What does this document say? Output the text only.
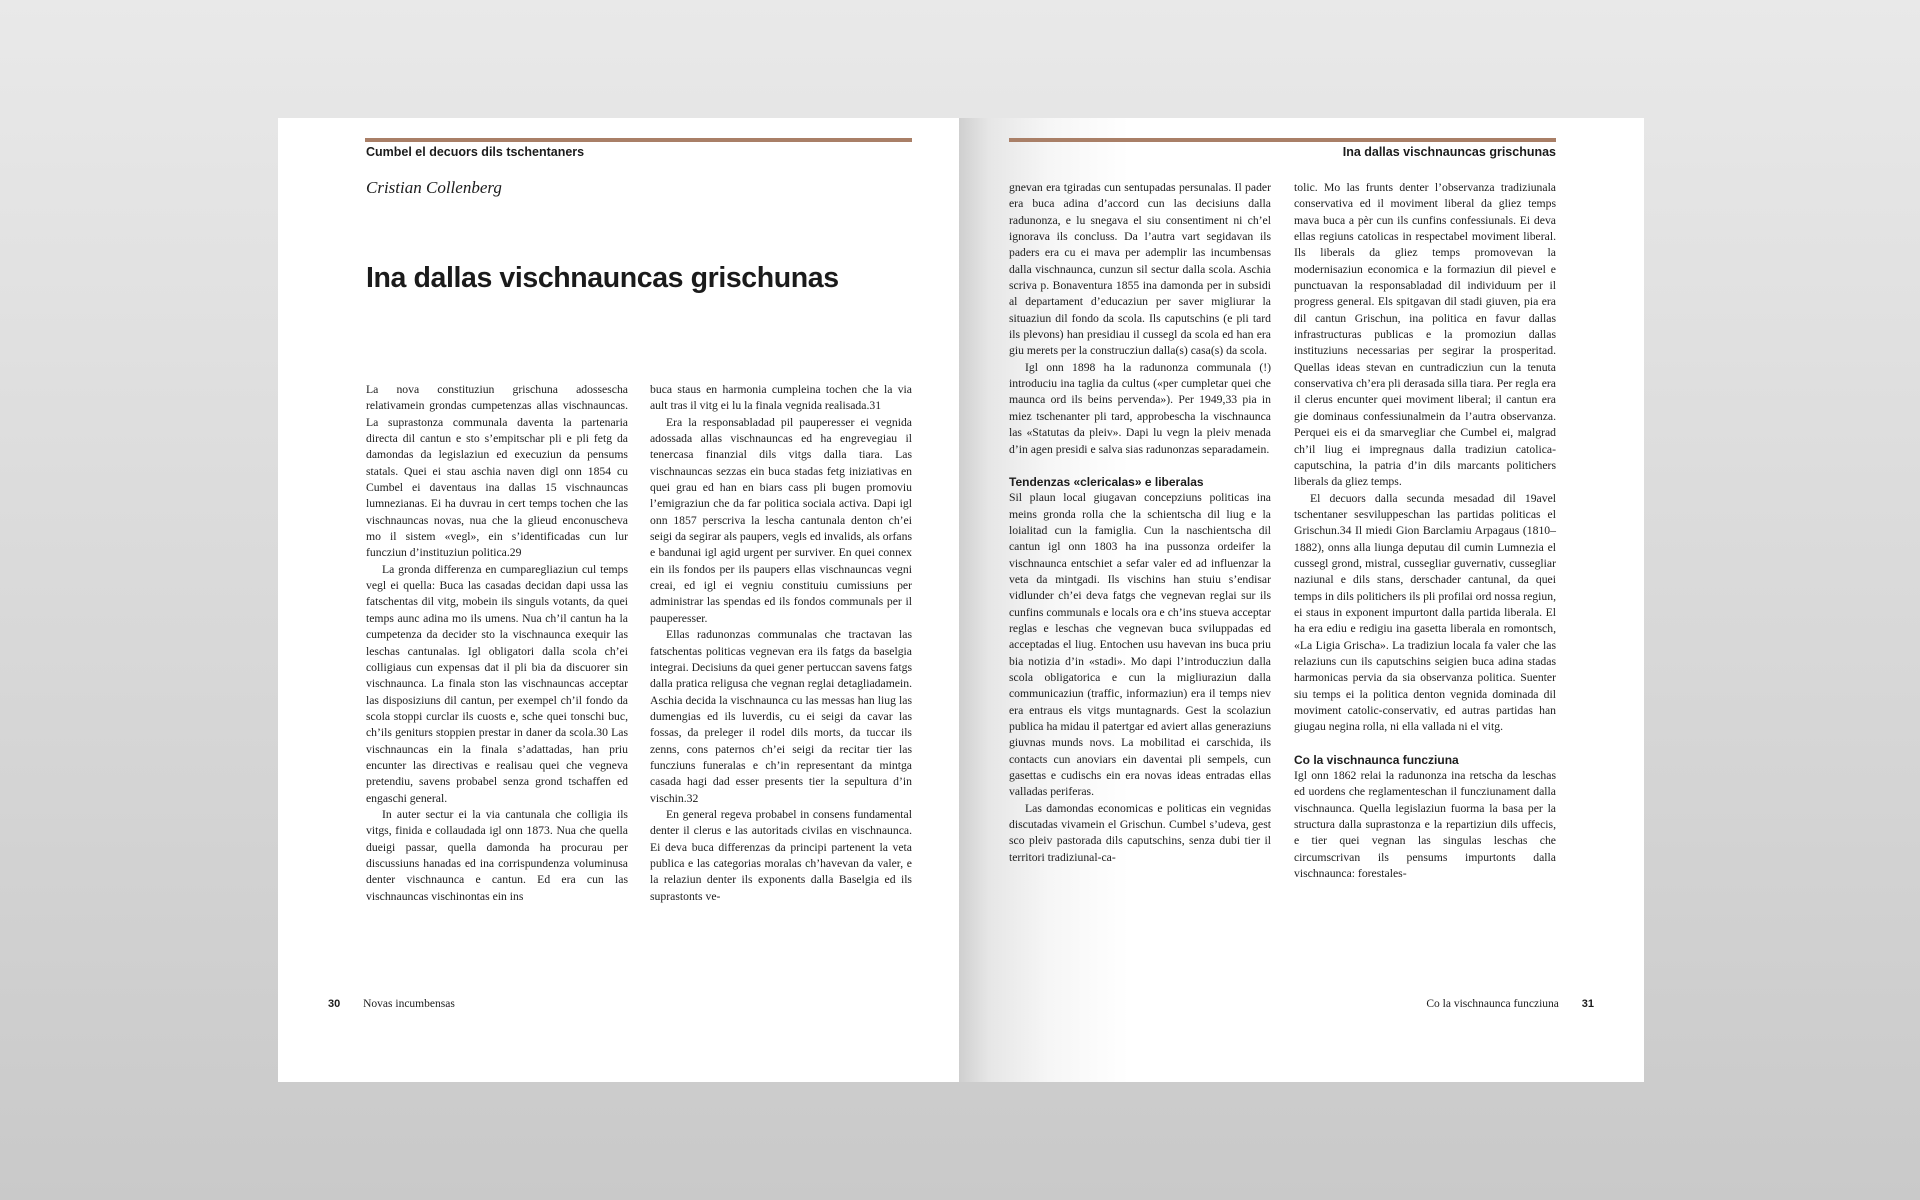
Cumbel el decuors dils tschentaners
Cristian Collenberg
Ina dallas vischnauncas grischunas

La nova constituziun grischuna adossescha relativamein grondas cumpetenzas allas vischnauncas. La suprastonza communala daventa la partenaria directa dil cantun e sto s’empitschar pli e pli fetg da damondas da legislaziun ed execuziun da pensums statals. Quei ei stau aschia naven digl onn 1854 cu Cumbel ei daventaus ina dallas 15 vischnauncas lumnezianas. Ei ha duvrau in cert temps tochen che las vischnauncas novas, nua che la glieud enconuscheva mo il sistem «vegl», ein s’identificadas cun lur funcziun d’instituziun politica.29

La gronda differenza en cumparegliaziun cul temps vegl ei quella: Buca las casadas decidan dapi ussa las fatschentas dil vitg, mobein ils singuls votants, da quei temps aunc adina mo ils umens. Nua ch’il cantun ha la cumpetenza da decider sto la vischnaunca exequir las leschas cantunalas. Igl obligatori dalla scola ch’ei colligiaus cun expensas dat il pli bia da discuorer sin vischnaunca. La finala ston las vischnauncas acceptar las disposiziuns dil cantun, per exempel ch’il fondo da scola stoppi curclar ils cuosts e, sche quei tonschi buc, ch’ils geniturs stoppien prestar in daner da scola.30 Las vischnauncas ein la finala s’adattadas, han priu encunter las directivas e realisau quei che vegneva pretendiu, savens probabel senza grond tschaffen ed engaschi general.

In auter sectur ei la via cantunala che colligia ils vitgs, finida e collaudada igl onn 1873. Nua che quella dueigi passar, quella damonda ha procurau per discussiuns hanadas ed ina corrispundenza voluminusa denter vischnaunca e cantun. Ed era cun las vischnauncas vischinontas ein ins

buca staus en harmonia cumpleina tochen che la via ault tras il vitg ei lu la finala vegnida realisada.31

Era la responsabladad pil pauperesser ei vegnida adossada allas vischnauncas ed ha engrevegiau il tenercasa finanzial dils vitgs dalla tiara. Las vischnauncas sezzas ein buca stadas fetg iniziativas en quei grau ed han en biars cass pli bugen promoviu l’emigraziun che da far politica sociala activa. Dapi igl onn 1857 perscriva la lescha cantunala denton ch’ei seigi da segirar als paupers, vegls ed invalids, als orfans e bandunai igl agid urgent per surviver. En quei connex ein ils fondos per ils paupers ellas vischnauncas vegni creai, ed igl ei vegniu constituiu cumissiuns per administrar las spendas ed ils fondos communals per il pauperesser.

Ellas radunonzas communalas che tractavan las fatschentas politicas vegnevan era ils fatgs da baselgia integrai. Decisiuns da quei gener pertuccan savens fatgs dalla pratica religusa che vegnan reglai detagliadamein. Aschia decida la vischnaunca cu las messas han liug las dumengias ed ils luverdis, cu ei seigi da cavar las fossas, da preleger il rodel dils morts, da tuccar ils zenns, cons paternos ch’ei seigi da recitar tier las funcziuns funeralas e ch’in representant da mintga casada hagi dad esser presents tier la sepultura d’in vischin.32

En general regeva probabel in consens fundamental denter il clerus e las autoritads civilas en vischnaunca. Ei deva buca differenzas da principi partenent la veta publica e las categorias moralas ch’havevan da valer, e la relaziun denter ils exponents dalla Baselgia ed ils suprastonts ve-

30 Novas incumbensas
Ina dallas vischnauncas grischunas

gnevan era tgiradas cun sentupadas persunalas. Il pader era buca adina d’accord cun las decisiuns dalla radunonza, e lu snegava el siu consentiment ni ch’el ignorava ils concluss. Da l’autra vart segidavan ils paders era cu ei mava per ademplir las incumbensas dalla vischnaunca, cunzun sil sectur dalla scola. Aschia scriva p. Bonaventura 1855 ina damonda per in subsidi al departament d’educaziun per saver migliurar la situaziun dil fondo da scola. Ils caputschins (e pli tard ils plevons) han presidiau il cussegl da scola ed han era giu merets per la construcziun dalla(s) casa(s) da scola.

Igl onn 1898 ha la radunonza communala (!) introduciu ina taglia da cultus («per cumpletar quei che maunca ord ils beins pervenda»). Per 1949,33 pia in miez tschenanter pli tard, approbescha la vischnaunca las «Statutas da pleiv». Dapi lu vegn la pleiv menada d’in agen presidi e salva sias radunonzas separadamein.

Tendenzas «clericalas» e liberalas

Sil plaun local giugavan concepziuns politicas ina meins gronda rolla che la schientscha dil liug e la loialitad cun la famiglia. Cun la naschientscha dil cantun igl onn 1803 ha ina pussonza ordeifer la vischnaunca entschiet a sefar valer ed ad influenzar la veta da mintgadi. Ils vischins han stuiu s’endisar vidlunder ch’ei deva fatgs che vegnevan reglai sur ils cunfins communals e locals ora e ch’ins stueva acceptar reglas e leschas che vegnevan buca sviluppadas ed acceptadas el liug. Entochen usu havevan ins buca priu bia notizia d’in «stadi». Mo dapi l’introducziun dalla scola obligatorica e cun la migliuraziun dalla communicaziun (traffic, informaziun) era il temps niev era entraus els vitgs muntagnards. Gest la scolaziun publica ha midau il patertgar ed aviert allas generaziuns giuvnas munds novs. La mobilitad ei carschida, ils contacts cun anoviars ein daventai pli sempels, cun gasettas e cudischs ein era novas ideas entradas ellas valladas periferas.

Las damondas economicas e politicas ein vegnidas discutadas vivamein el Grischun. Cumbel s’udeva, gest sco pleiv pastorada dils caputschins, senza dubi tier il territori tradiziunal-ca-

tolic. Mo las frunts denter l’observanza tradiziunala conservativa ed il moviment liberal da gliez temps mava buca a pèr cun ils cunfins confessiunals. Ei deva ellas regiuns catolicas in respectabel moviment liberal. Ils liberals da gliez temps promovevan la modernisaziun economica e la formaziun dil pievel e punctuavan la responsabladad dil individuum per il progress general. Els spitgavan dil stadi giuven, pia era dil cantun Grischun, ina politica en favur dallas infrastructuras publicas e la promoziun dallas instituziuns necessarias per segirar la prosperitad. Quellas ideas stevan en cuntradicziun cun la tenuta conservativa ch’era pli derasada silla tiara. Per regla era il clerus encunter quei moviment liberal; il cantun era gie dominaus confessiunalmein da l’autra observanza. Perquei eis ei da smarvegliar che Cumbel ei, malgrad ch’il liug ei impregnaus dalla tradiziun catolica-caputschina, la patria d’in dils marcants politichers liberals da gliez temps.

El decuors dalla secunda mesadad dil 19avel tschentaner sesviluppeschan las partidas politicas el Grischun.34 Il miedi Gion Barclamiu Arpagaus (1810–1882), onns alla liunga deputau dil cumin Lumnezia el cussegl grond, mistral, cussegliar guvernativ, cussegliar naziunal e dils stans, derschader cantunal, da quei temps in dils politichers ils pli profilai ord nossa regiun, ei staus in exponent impurtont dalla partida liberala. El ha era ediu e redigiu ina gasetta liberala en romontsch, «La Ligia Grischa». La tradiziun locala fa valer che las relaziuns cun ils caputschins seigien buca adina stadas harmonicas pervia da sia observanza politica. Suenter siu temps ei la politica denton vegnida dominada dil moviment catolic-conservativ, ed autras partidas han giugau negina rolla, ni ella vallada ni el vitg.

Co la vischnaunca funcziuna

Igl onn 1862 relai la radunonza ina retscha da leschas ed uordens che reglamenteschan il funcziunament dalla vischnaunca. Quella legislaziun fuorma la basa per la structura dalla suprastonza e la repartiziun dils uffecis, e tier quei vegnan las singulas leschas che circumscrivan ils pensums impurtonts dalla vischnaunca: forestales-

Co la vischnaunca funcziuna 31
